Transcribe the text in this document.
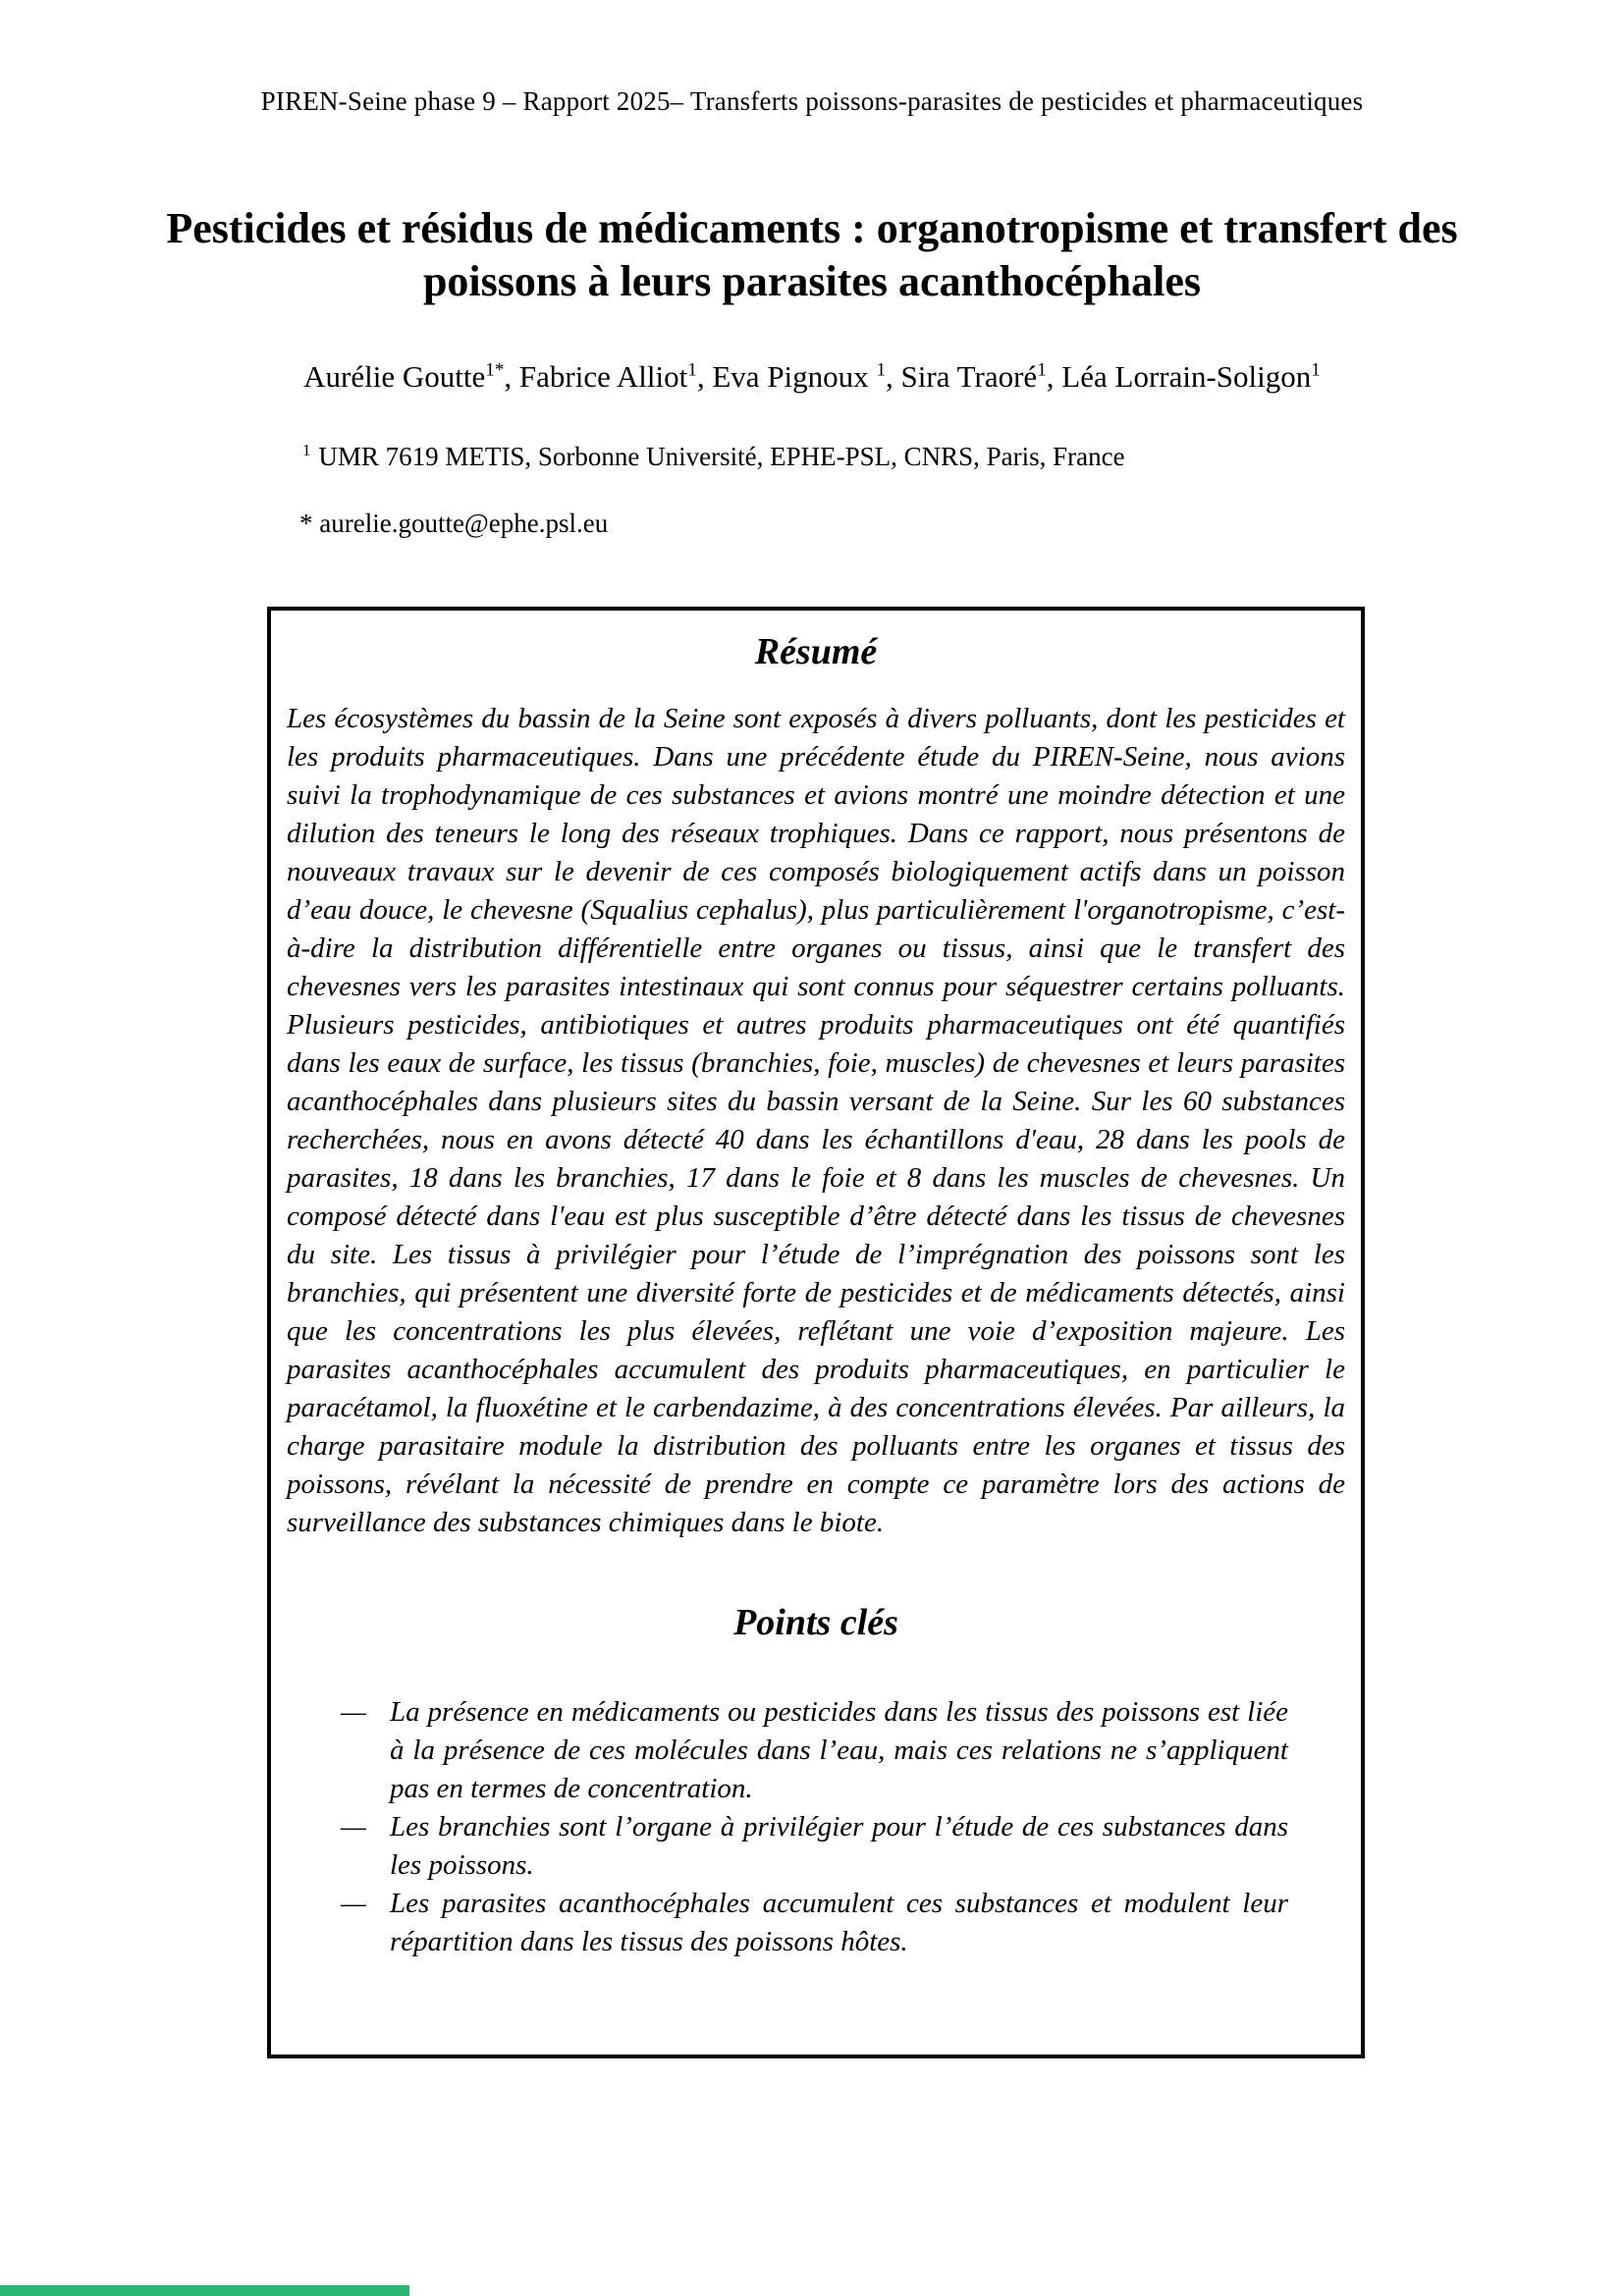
PIREN-Seine phase 9 – Rapport 2025– Transferts poissons-parasites de pesticides et pharmaceutiques
Pesticides et résidus de médicaments : organotropisme et transfert des poissons à leurs parasites acanthocéphales
Aurélie Goutte$^{1*}$, Fabrice Alliot$^1$, Eva Pignoux $^1$, Sira Traoré$^1$, Léa Lorrain-Soligon$^1$
$^1$ UMR 7619 METIS, Sorbonne Université, EPHE-PSL, CNRS, Paris, France
* aurelie.goutte@ephe.psl.eu
Résumé

Les écosystèmes du bassin de la Seine sont exposés à divers polluants, dont les pesticides et les produits pharmaceutiques. Dans une précédente étude du PIREN-Seine, nous avions suivi la trophodynamique de ces substances et avions montré une moindre détection et une dilution des teneurs le long des réseaux trophiques. Dans ce rapport, nous présentons de nouveaux travaux sur le devenir de ces composés biologiquement actifs dans un poisson d’eau douce, le chevesne (Squalius cephalus), plus particulièrement l'organotropisme, c’est-à-dire la distribution différentielle entre organes ou tissus, ainsi que le transfert des chevesnes vers les parasites intestinaux qui sont connus pour séquestrer certains polluants. Plusieurs pesticides, antibiotiques et autres produits pharmaceutiques ont été quantifiés dans les eaux de surface, les tissus (branchies, foie, muscles) de chevesnes et leurs parasites acanthocéphales dans plusieurs sites du bassin versant de la Seine. Sur les 60 substances recherchées, nous en avons détecté 40 dans les échantillons d'eau, 28 dans les pools de parasites, 18 dans les branchies, 17 dans le foie et 8 dans les muscles de chevesnes. Un composé détecté dans l'eau est plus susceptible d’être détecté dans les tissus de chevesnes du site. Les tissus à privilégier pour l’étude de l’imprégnation des poissons sont les branchies, qui présentent une diversité forte de pesticides et de médicaments détectés, ainsi que les concentrations les plus élevées, reflétant une voie d’exposition majeure. Les parasites acanthocéphales accumulent des produits pharmaceutiques, en particulier le paracétamol, la fluoxétine et le carbendazime, à des concentrations élevées. Par ailleurs, la charge parasitaire module la distribution des polluants entre les organes et tissus des poissons, révélant la nécessité de prendre en compte ce paramètre lors des actions de surveillance des substances chimiques dans le biote.

Points clés
— La présence en médicaments ou pesticides dans les tissus des poissons est liée à la présence de ces molécules dans l’eau, mais ces relations ne s’appliquent pas en termes de concentration.
— Les branchies sont l’organe à privilégier pour l’étude de ces substances dans les poissons.
— Les parasites acanthocéphales accumulent ces substances et modulent leur répartition dans les tissus des poissons hôtes.
